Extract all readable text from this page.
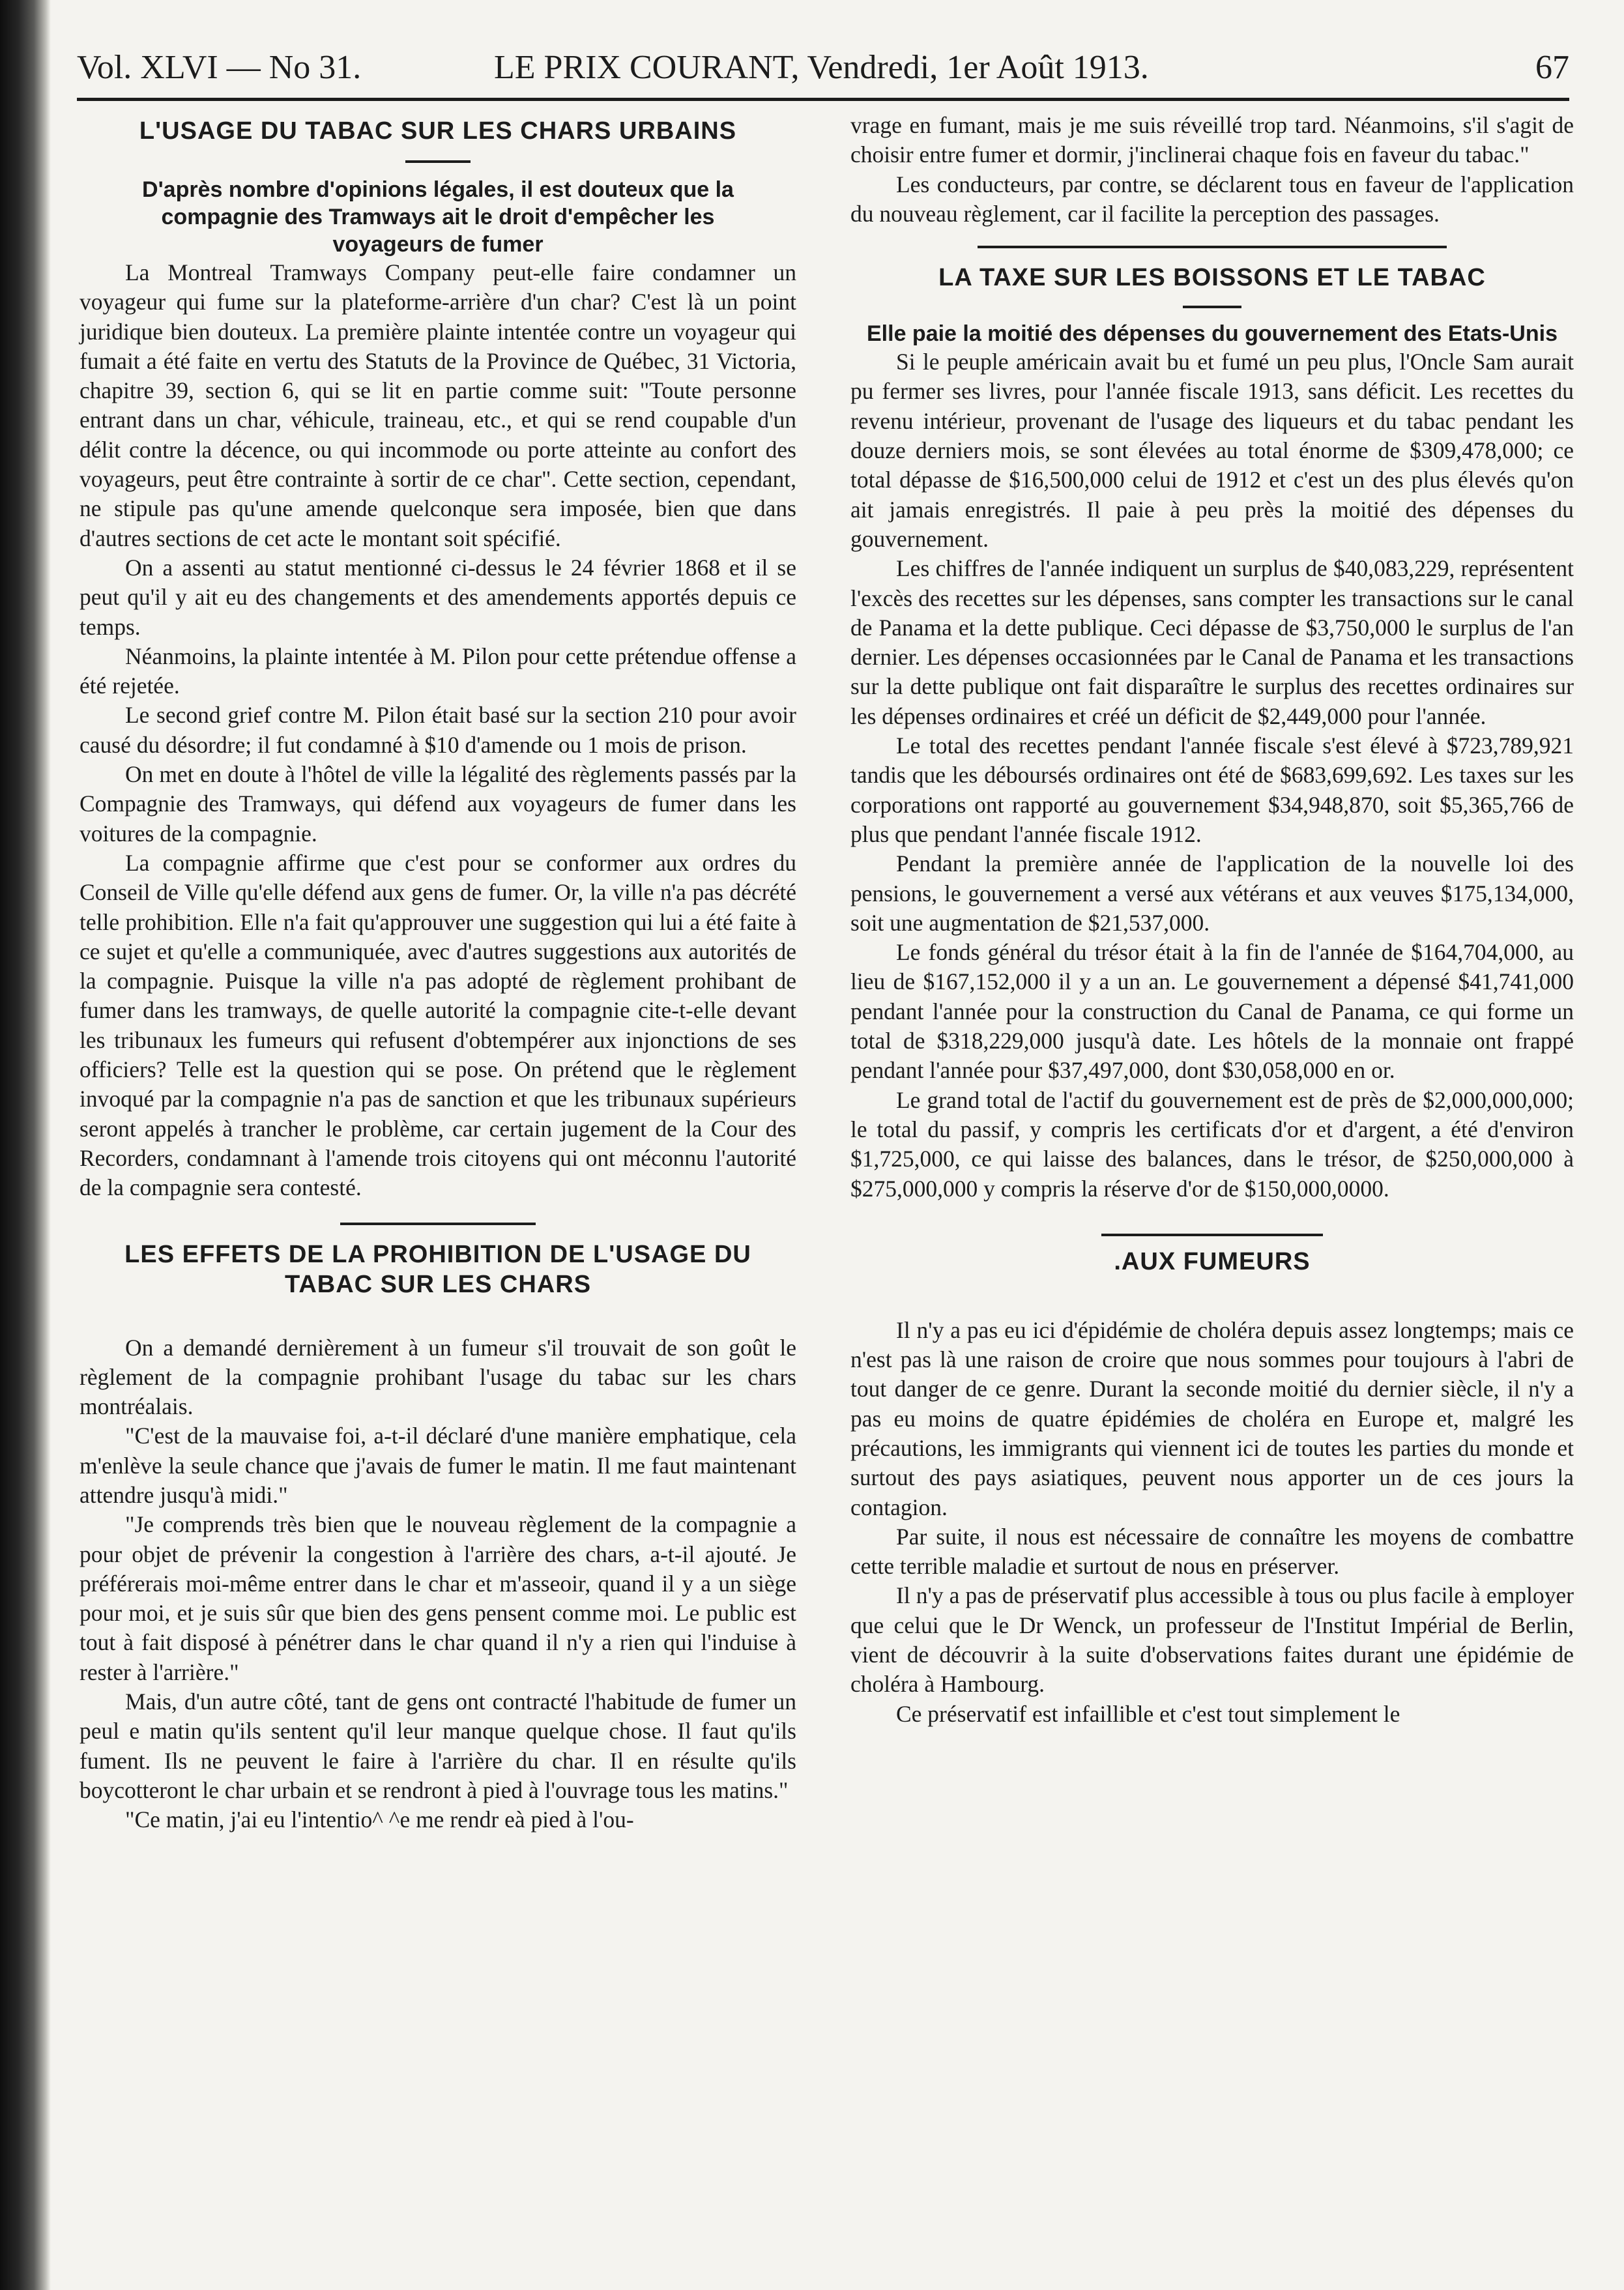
Vol. XLVI — No 31.	LE PRIX COURANT, Vendredi, 1er Août 1913.	67
L'USAGE DU TABAC SUR LES CHARS URBAINS
D'après nombre d'opinions légales, il est douteux que la compagnie des Tramways ait le droit d'empêcher les voyageurs de fumer

La Montreal Tramways Company peut-elle faire condamner un voyageur qui fume sur la plateforme-arrière d'un char? C'est là un point juridique bien douteux. La première plainte intentée contre un voyageur qui fumait a été faite en vertu des Statuts de la Province de Québec, 31 Victoria, chapitre 39, section 6, qui se lit en partie comme suit: "Toute personne entrant dans un char, véhicule, traineau, etc., et qui se rend coupable d'un délit contre la décence, ou qui incommode ou porte atteinte au confort des voyageurs, peut être contrainte à sortir de ce char". Cette section, cependant, ne stipule pas qu'une amende quelconque sera imposée, bien que dans d'autres sections de cet acte le montant soit spécifié.

On a assenti au statut mentionné ci-dessus le 24 février 1868 et il se peut qu'il y ait eu des changements et des amendements apportés depuis ce temps.

Néanmoins, la plainte intentée à M. Pilon pour cette prétendue offense a été rejetée.

Le second grief contre M. Pilon était basé sur la section 210 pour avoir causé du désordre; il fut condamné à $10 d'amende ou 1 mois de prison.

On met en doute à l'hôtel de ville la légalité des règlements passés par la Compagnie des Tramways, qui défend aux voyageurs de fumer dans les voitures de la compagnie.

La compagnie affirme que c'est pour se conformer aux ordres du Conseil de Ville qu'elle défend aux gens de fumer. Or, la ville n'a pas décrété telle prohibition. Elle n'a fait qu'approuver une suggestion qui lui a été faite à ce sujet et qu'elle a communiquée, avec d'autres suggestions aux autorités de la compagnie. Puisque la ville n'a pas adopté de règlement prohibant de fumer dans les tramways, de quelle autorité la compagnie cite-t-elle devant les tribunaux les fumeurs qui refusent d'obtempérer aux injonctions de ses officiers? Telle est la question qui se pose. On prétend que le règlement invoqué par la compagnie n'a pas de sanction et que les tribunaux supérieurs seront appelés à trancher le problème, car certain jugement de la Cour des Recorders, condamnant à l'amende trois citoyens qui ont méconnu l'autorité de la compagnie sera contesté.

LES EFFETS DE LA PROHIBITION DE L'USAGE DU TABAC SUR LES CHARS

On a demandé dernièrement à un fumeur s'il trouvait de son goût le règlement de la compagnie prohibant l'usage du tabac sur les chars montréalais.

"C'est de la mauvaise foi, a-t-il déclaré d'une manière emphatique, cela m'enlève la seule chance que j'avais de fumer le matin. Il me faut maintenant attendre jusqu'à midi."

"Je comprends très bien que le nouveau règlement de la compagnie a pour objet de prévenir la congestion à l'arrière des chars, a-t-il ajouté. Je préférerais moi-même entrer dans le char et m'asseoir, quand il y a un siège pour moi, et je suis sûr que bien des gens pensent comme moi. Le public est tout à fait disposé à pénétrer dans le char quand il n'y a rien qui l'induise à rester à l'arrière."

Mais, d'un autre côté, tant de gens ont contracté l'habitude de fumer un peul e matin qu'ils sentent qu'il leur manque quelque chose. Il faut qu'ils fument. Ils ne peuvent le faire à l'arrière du char. Il en résulte qu'ils boycotteront le char urbain et se rendront à pied à l'ouvrage tous les matins."

"Ce matin, j'ai eu l'intentio^ ^e me rendr eà pied à l'ou-

vrage en fumant, mais je me suis réveillé trop tard. Néanmoins, s'il s'agit de choisir entre fumer et dormir, j'inclinerai chaque fois en faveur du tabac."

Les conducteurs, par contre, se déclarent tous en faveur de l'application du nouveau règlement, car il facilite la perception des passages.

LA TAXE SUR LES BOISSONS ET LE TABAC
Elle paie la moitié des dépenses du gouvernement des Etats-Unis

Si le peuple américain avait bu et fumé un peu plus, l'Oncle Sam aurait pu fermer ses livres, pour l'année fiscale 1913, sans déficit. Les recettes du revenu intérieur, provenant de l'usage des liqueurs et du tabac pendant les douze derniers mois, se sont élevées au total énorme de $309,478,000; ce total dépasse de $16,500,000 celui de 1912 et c'est un des plus élevés qu'on ait jamais enregistrés. Il paie à peu près la moitié des dépenses du gouvernement.

Les chiffres de l'année indiquent un surplus de $40,083,229, représentent l'excès des recettes sur les dépenses, sans compter les transactions sur le canal de Panama et la dette publique. Ceci dépasse de $3,750,000 le surplus de l'an dernier. Les dépenses occasionnées par le Canal de Panama et les transactions sur la dette publique ont fait disparaître le surplus des recettes ordinaires sur les dépenses ordinaires et créé un déficit de $2,449,000 pour l'année.

Le total des recettes pendant l'année fiscale s'est élevé à $723,789,921 tandis que les déboursés ordinaires ont été de $683,699,692. Les taxes sur les corporations ont rapporté au gouvernement $34,948,870, soit $5,365,766 de plus que pendant l'année fiscale 1912.

Pendant la première année de l'application de la nouvelle loi des pensions, le gouvernement a versé aux vétérans et aux veuves $175,134,000, soit une augmentation de $21,537,000.

Le fonds général du trésor était à la fin de l'année de $164,704,000, au lieu de $167,152,000 il y a un an. Le gouvernement a dépensé $41,741,000 pendant l'année pour la construction du Canal de Panama, ce qui forme un total de $318,229,000 jusqu'à date. Les hôtels de la monnaie ont frappé pendant l'année pour $37,497,000, dont $30,058,000 en or.

Le grand total de l'actif du gouvernement est de près de $2,000,000,000; le total du passif, y compris les certificats d'or et d'argent, a été d'environ $1,725,000, ce qui laisse des balances, dans le trésor, de $250,000,000 à $275,000,000 y compris la réserve d'or de $150,000,0000.

.AUX FUMEURS

Il n'y a pas eu ici d'épidémie de choléra depuis assez longtemps; mais ce n'est pas là une raison de croire que nous sommes pour toujours à l'abri de tout danger de ce genre. Durant la seconde moitié du dernier siècle, il n'y a pas eu moins de quatre épidémies de choléra en Europe et, malgré les précautions, les immigrants qui viennent ici de toutes les parties du monde et surtout des pays asiatiques, peuvent nous apporter un de ces jours la contagion.

Par suite, il nous est nécessaire de connaître les moyens de combattre cette terrible maladie et surtout de nous en préserver.

Il n'y a pas de préservatif plus accessible à tous ou plus facile à employer que celui que le Dr Wenck, un professeur de l'Institut Impérial de Berlin, vient de découvrir à la suite d'observations faites durant une épidémie de choléra à Hambourg.

Ce préservatif est infaillible et c'est tout simplement le
